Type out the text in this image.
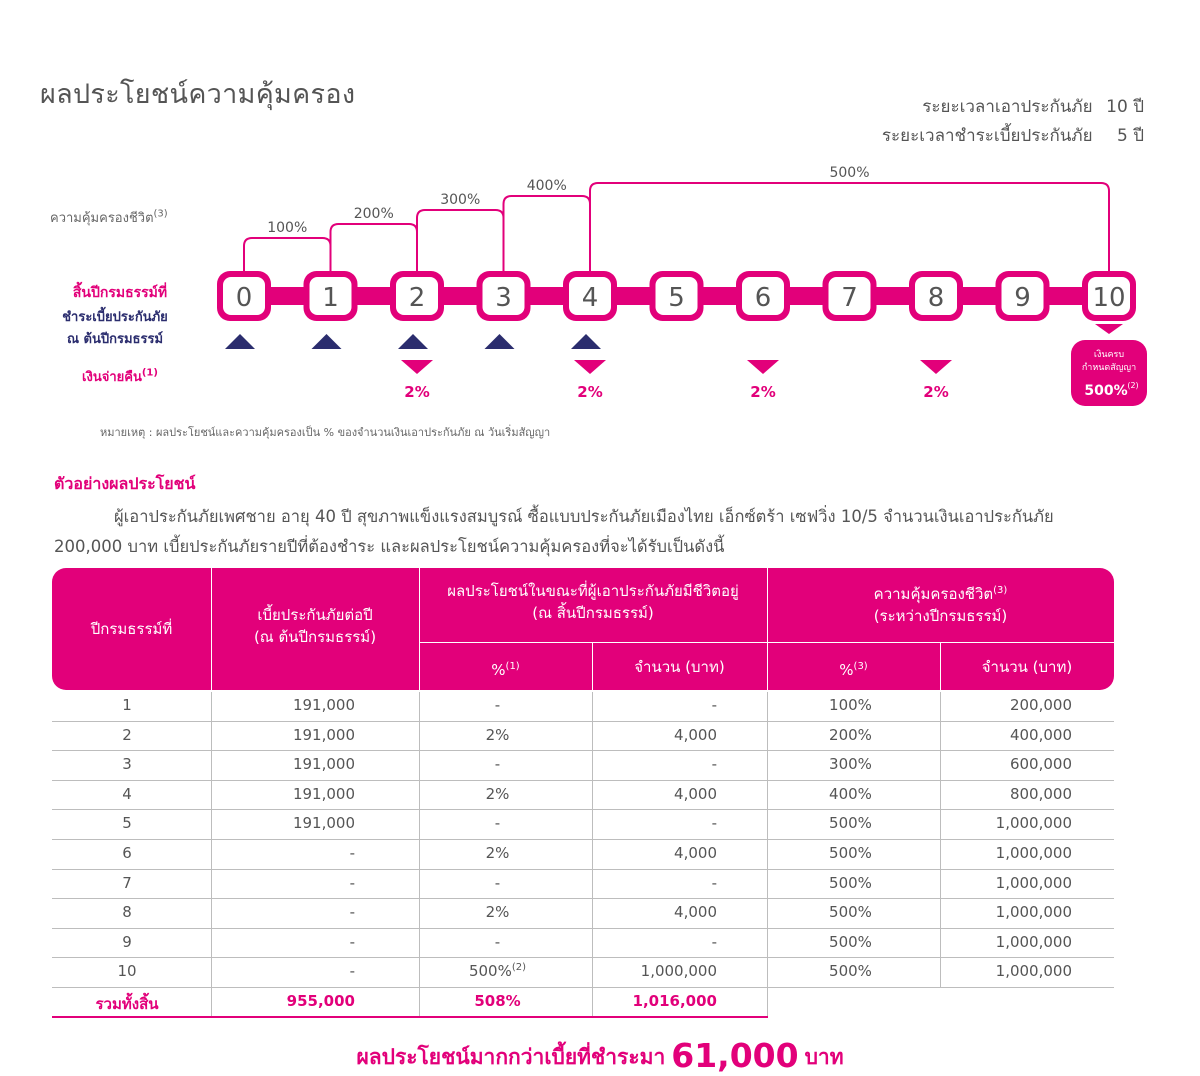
ผลประโยชน์ความคุ้มครอง	ระยะเวลาเอาประกันภัย 10 ปี
ระยะเวลาชำระเบี้ยประกันภัย 5 ปี
ความคุ้มครองชีวิต$^{(3)}$
100%
200%
300%
400%
500%
0	1	2	3	4	5	6	7	8	9 10
2%	2%	2%	2%
เงินครบ
กำหนดสัญญา
500% (2)
สิ้นปีกรมธรรม์ที่
ชำระเบี้ยประกันภัย
ณ ต้นปีกรมธรรม์
เงินจ่ายคืน$^{(1)}$
หมายเหตุ : ผลประโยชน์และความคุ้มครองเป็น % ของจำนวนเงินเอาประกันภัย ณ วันเริ่มสัญญา
ตัวอย่างผลประโยชน์
ผู้เอาประกันภัยเพศชาย อายุ 40 ปี สุขภาพแข็งแรงสมบูรณ์ ซื้อแบบประกันภัยเมืองไทย เอ็กซ์ตร้า เซฟวิ่ง 10/5 จำนวนเงินเอาประกันภัย 200,000 บาท เบี้ยประกันภัยรายปีที่ต้องชำระ และผลประโยชน์ความคุ้มครองที่จะได้รับเป็นดังนี้
ปีกรมธรรม์ที่
เบี้ยประกันภัยต่อปี
(ณ ต้นปีกรมธรรม์)
ผลประโยชน์ในขณะที่ผู้เอาประกันภัยมีชีวิตอยู่
(ณ สิ้นปีกรมธรรม์)
ความคุ้มครองชีวิต$^{(3)}$
(ระหว่างปีกรมธรรม์)
%$^{(1)}$	จำนวน (บาท)	%$^{(3)}$	จำนวน (บาท)
1	191,000	-	-	100%	200,000
2	191,000	2%	4,000	200%	400,000
3	191,000	-	-	300%	600,000
4	191,000	2%	4,000	400%	800,000
5	191,000	-	-	500%	1,000,000
6	-	2%	4,000	500%	1,000,000
7	-	-	-	500%	1,000,000
8	-	2%	4,000	500%	1,000,000
9	-	-	-	500%	1,000,000
10	-	500%$^{(2)}$	1,000,000	500%	1,000,000
รวมทั้งสิ้น	955,000	508%	1,016,000
ผลประโยชน์มากกว่าเบี้ยที่ชำระมา 61,000 บาท
